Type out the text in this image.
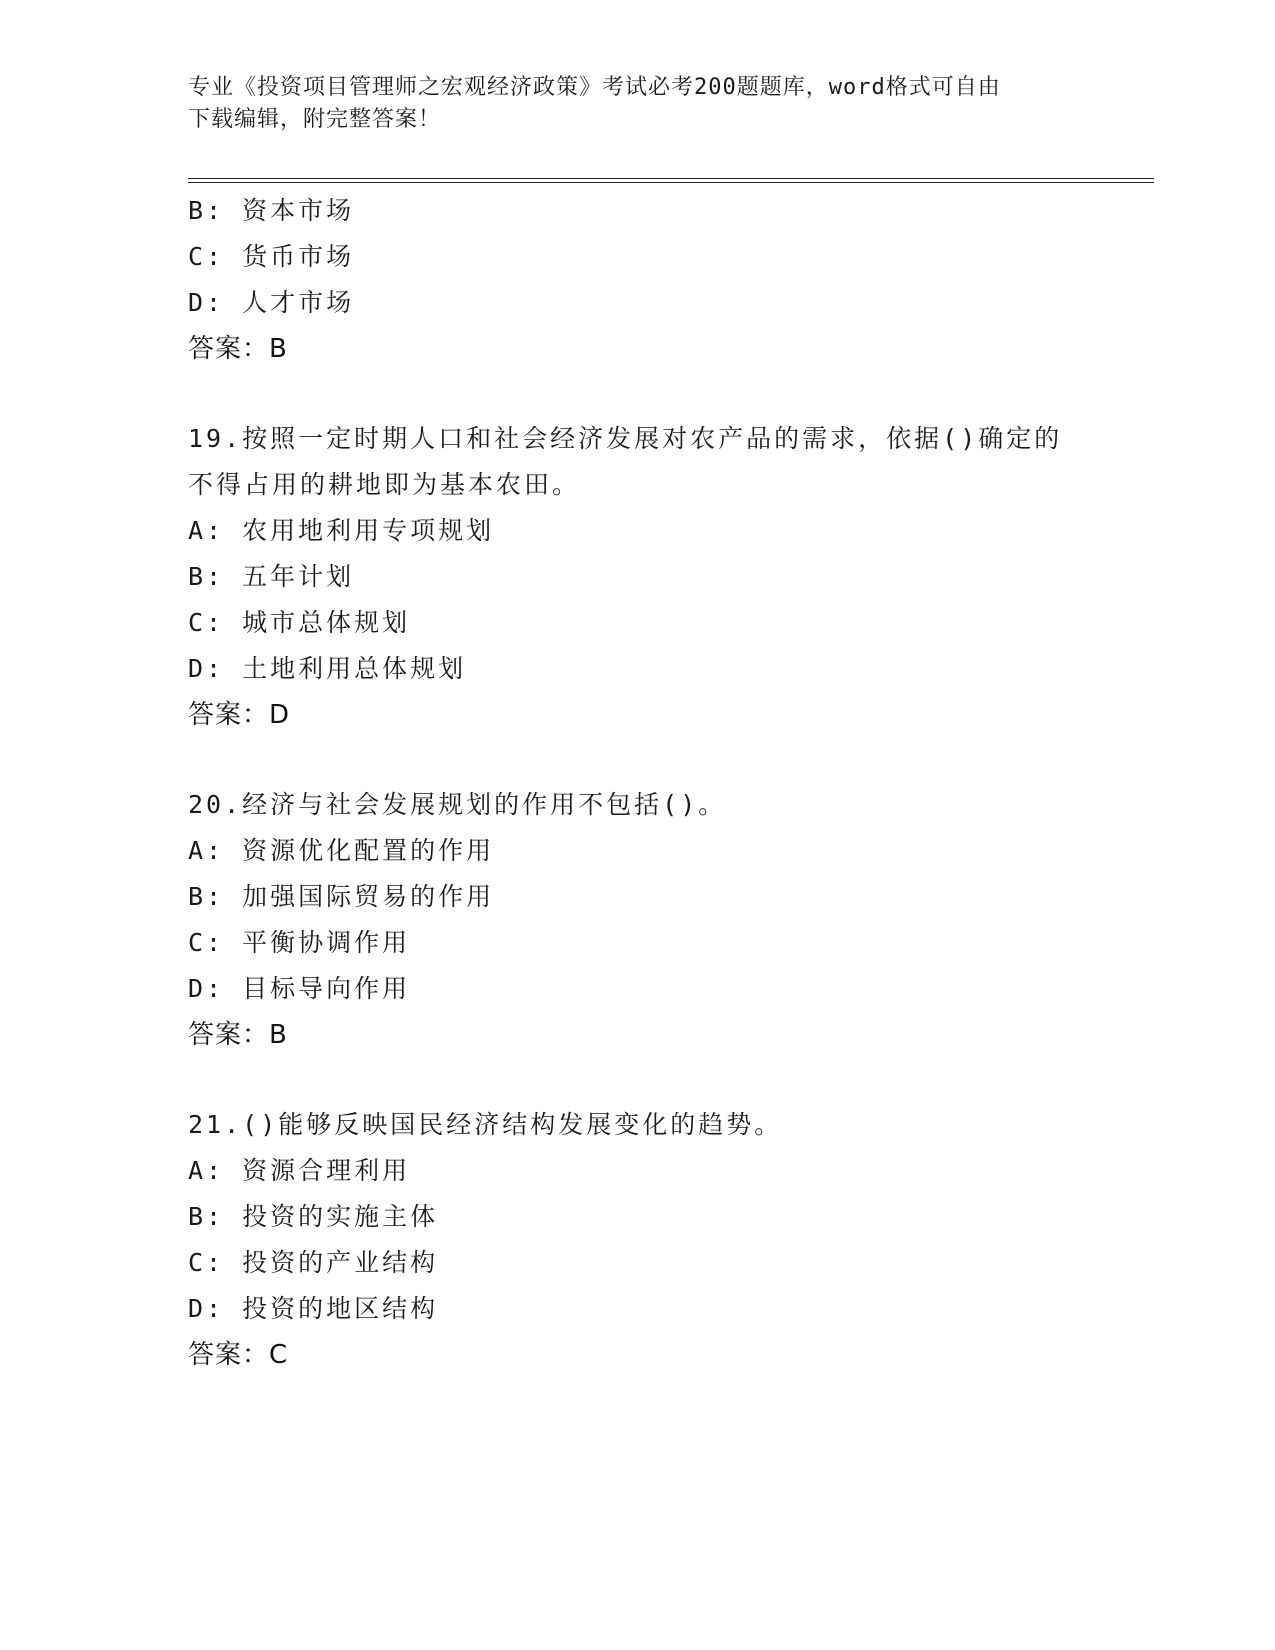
专业《投资项目管理师之宏观经济政策》考试必考200题题库，word格式可自由
下载编辑，附完整答案！
B: 资本市场
C: 货币市场
D: 人才市场
答案：B
19.按照一定时期人口和社会经济发展对农产品的需求，依据()确定的
不得占用的耕地即为基本农田。
A: 农用地利用专项规划
B: 五年计划
C: 城市总体规划
D: 土地利用总体规划
答案：D
20.经济与社会发展规划的作用不包括()。
A: 资源优化配置的作用
B: 加强国际贸易的作用
C: 平衡协调作用
D: 目标导向作用
答案：B
21.()能够反映国民经济结构发展变化的趋势。
A: 资源合理利用
B: 投资的实施主体
C: 投资的产业结构
D: 投资的地区结构
答案：C
